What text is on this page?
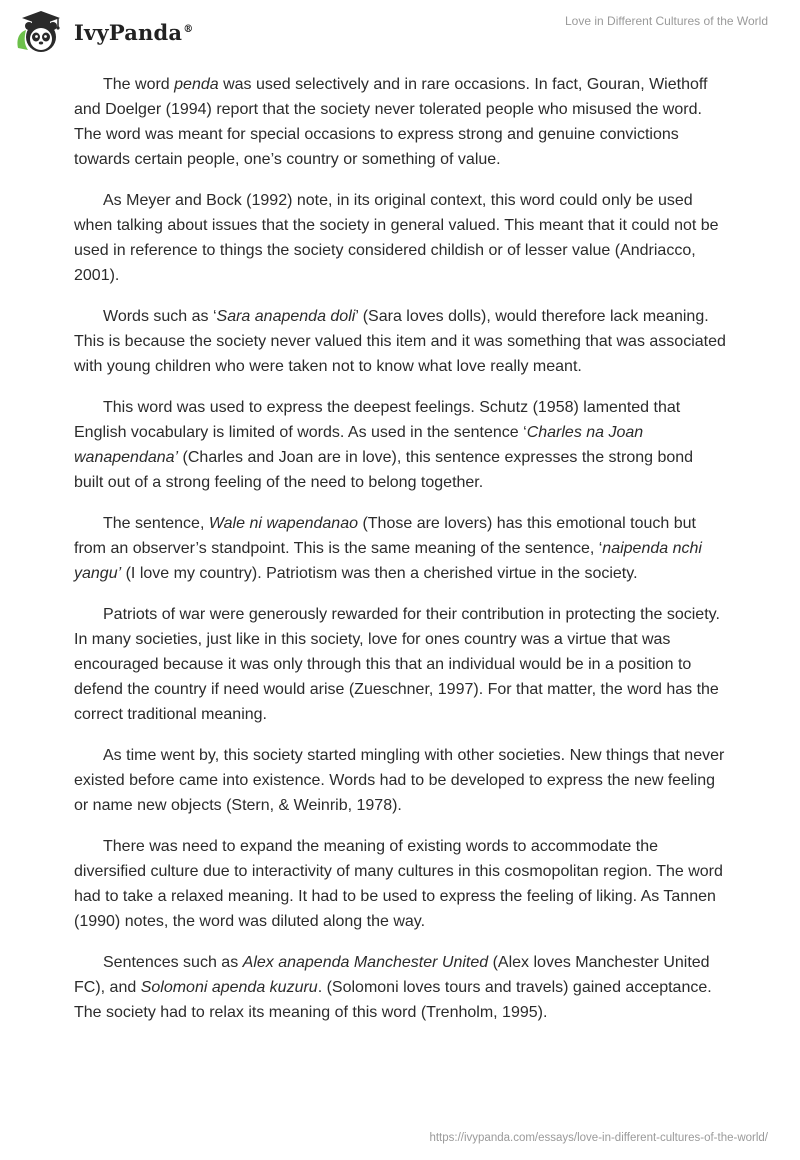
IvyPanda®
Love in Different Cultures of the World

The word penda was used selectively and in rare occasions. In fact, Gouran, Wiethoff and Doelger (1994) report that the society never tolerated people who misused the word. The word was meant for special occasions to express strong and genuine convictions towards certain people, one’s country or something of value.

As Meyer and Bock (1992) note, in its original context, this word could only be used when talking about issues that the society in general valued. This meant that it could not be used in reference to things the society considered childish or of lesser value (Andriacco, 2001).

Words such as ‘Sara anapenda doli’ (Sara loves dolls), would therefore lack meaning. This is because the society never valued this item and it was something that was associated with young children who were taken not to know what love really meant.

This word was used to express the deepest feelings. Schutz (1958) lamented that English vocabulary is limited of words. As used in the sentence ‘Charles na Joan wanapendana’ (Charles and Joan are in love), this sentence expresses the strong bond built out of a strong feeling of the need to belong together.

The sentence, Wale ni wapendanao (Those are lovers) has this emotional touch but from an observer’s standpoint. This is the same meaning of the sentence, ‘naipenda nchi yangu’ (I love my country). Patriotism was then a cherished virtue in the society.

Patriots of war were generously rewarded for their contribution in protecting the society. In many societies, just like in this society, love for ones country was a virtue that was encouraged because it was only through this that an individual would be in a position to defend the country if need would arise (Zueschner, 1997). For that matter, the word has the correct traditional meaning.

As time went by, this society started mingling with other societies. New things that never existed before came into existence. Words had to be developed to express the new feeling or name new objects (Stern, & Weinrib, 1978).

There was need to expand the meaning of existing words to accommodate the diversified culture due to interactivity of many cultures in this cosmopolitan region. The word had to take a relaxed meaning. It had to be used to express the feeling of liking. As Tannen (1990) notes, the word was diluted along the way.

Sentences such as Alex anapenda Manchester United (Alex loves Manchester United FC), and Solomoni apenda kuzuru. (Solomoni loves tours and travels) gained acceptance. The society had to relax its meaning of this word (Trenholm, 1995).

https://ivypanda.com/essays/love-in-different-cultures-of-the-world/
